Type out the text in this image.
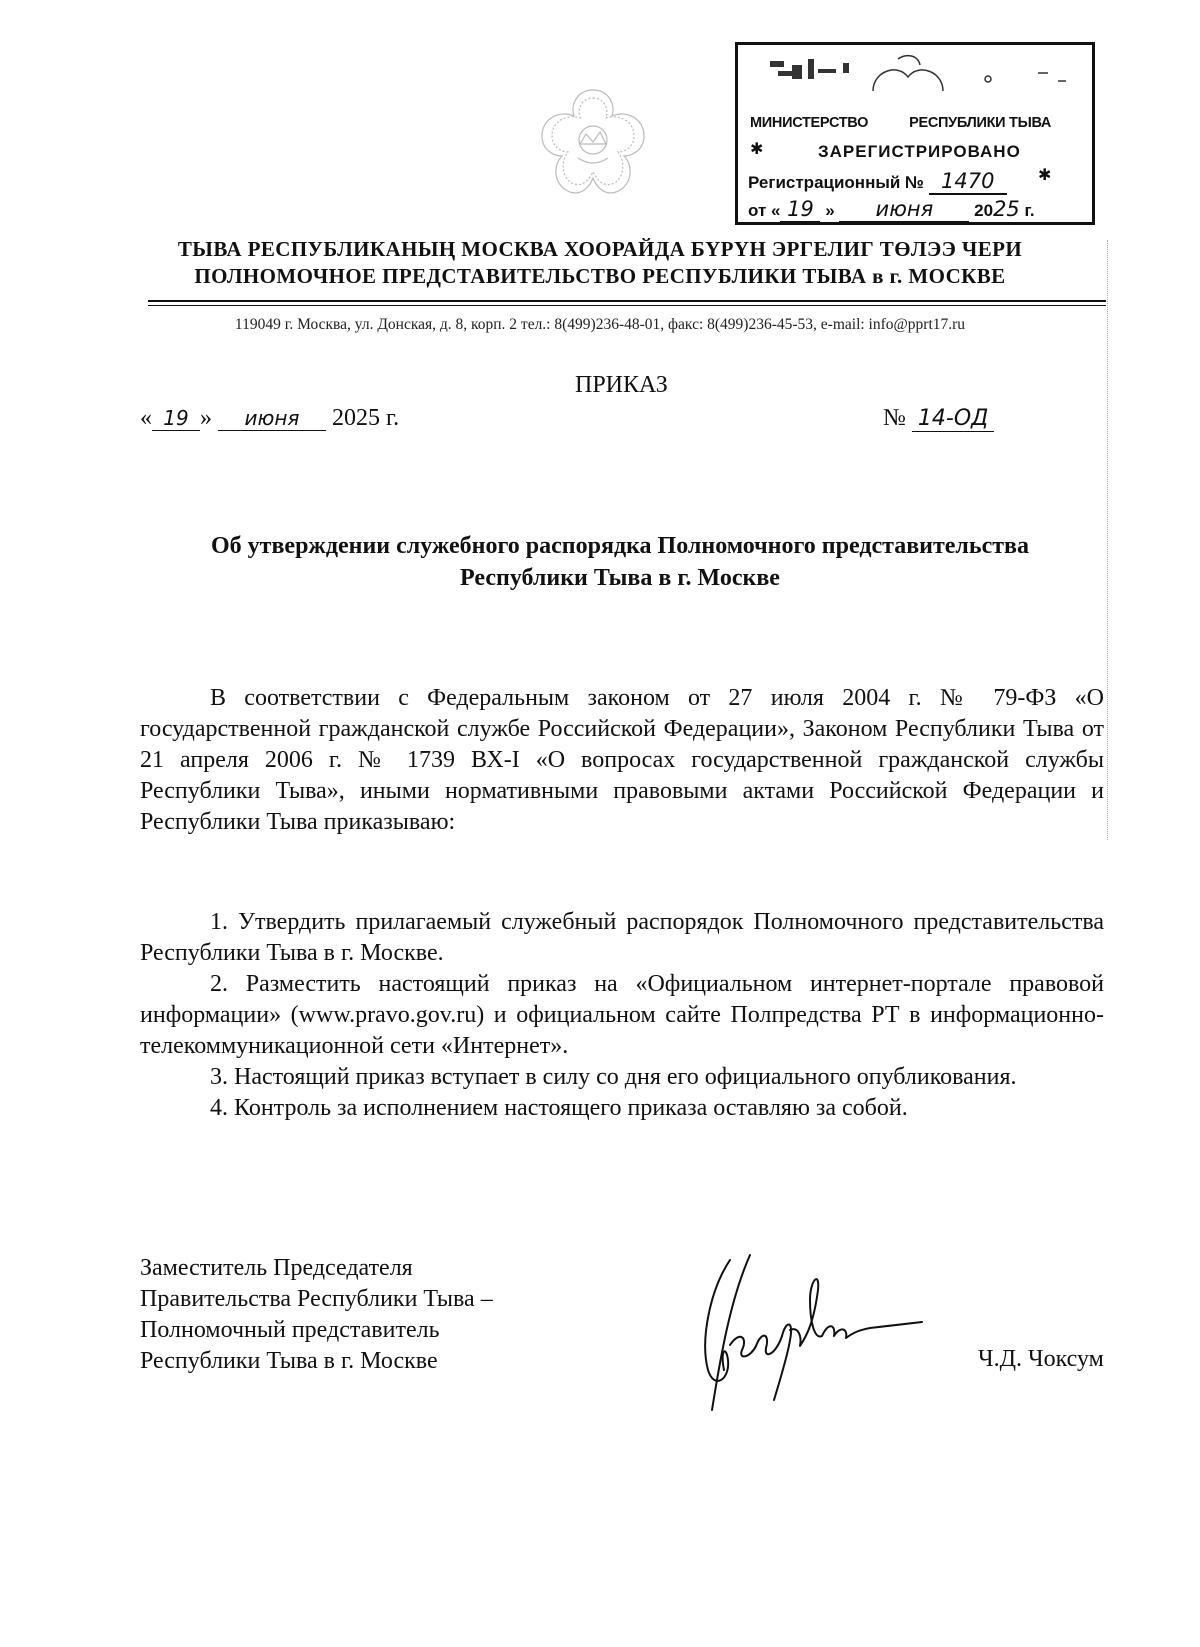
МИНИСТЕРСТВО           РЕСПУБЛИКИ ТЫВА
✱	ЗАРЕГИСТРИРОВАНО
✱
Регистрационный № 1470
от « 19 » июня 2025 г.
ТЫВА РЕСПУБЛИКАНЫҢ МОСКВА ХООРАЙДА БҮРҮН ЭРГЕЛИГ ТӨЛЭЭ ЧЕРИ
ПОЛНОМОЧНОЕ ПРЕДСТАВИТЕЛЬСТВО РЕСПУБЛИКИ ТЫВА в г. МОСКВЕ
119049 г. Москва, ул. Донская, д. 8, корп. 2 тел.: 8(499)236-48-01, факс: 8(499)236-45-53, e-mail: info@pprt17.ru
ПРИКАЗ
« 19 » июня 2025 г.	№ 14-ОД
Об утверждении служебного распорядка Полномочного представительства
Республики Тыва в г. Москве
В соответствии с Федеральным законом от 27 июля 2004 г. № 79-ФЗ «О государственной гражданской службе Российской Федерации», Законом Республики Тыва от 21 апреля 2006 г. № 1739 ВХ-I «О вопросах государственной гражданской службы Республики Тыва», иными нормативными правовыми актами Российской Федерации и Республики Тыва приказываю:

1. Утвердить прилагаемый служебный распорядок Полномочного представительства Республики Тыва в г. Москве.

2. Разместить настоящий приказ на «Официальном интернет-портале правовой информации» (www.pravo.gov.ru) и официальном сайте Полпредства РТ в информационно-телекоммуникационной сети «Интернет».

3. Настоящий приказ вступает в силу со дня его официального опубликования.

4. Контроль за исполнением настоящего приказа оставляю за собой.

Заместитель Председателя
Правительства Республики Тыва –
Полномочный представитель
Республики Тыва в г. Москве	Ч.Д. Чоксум
